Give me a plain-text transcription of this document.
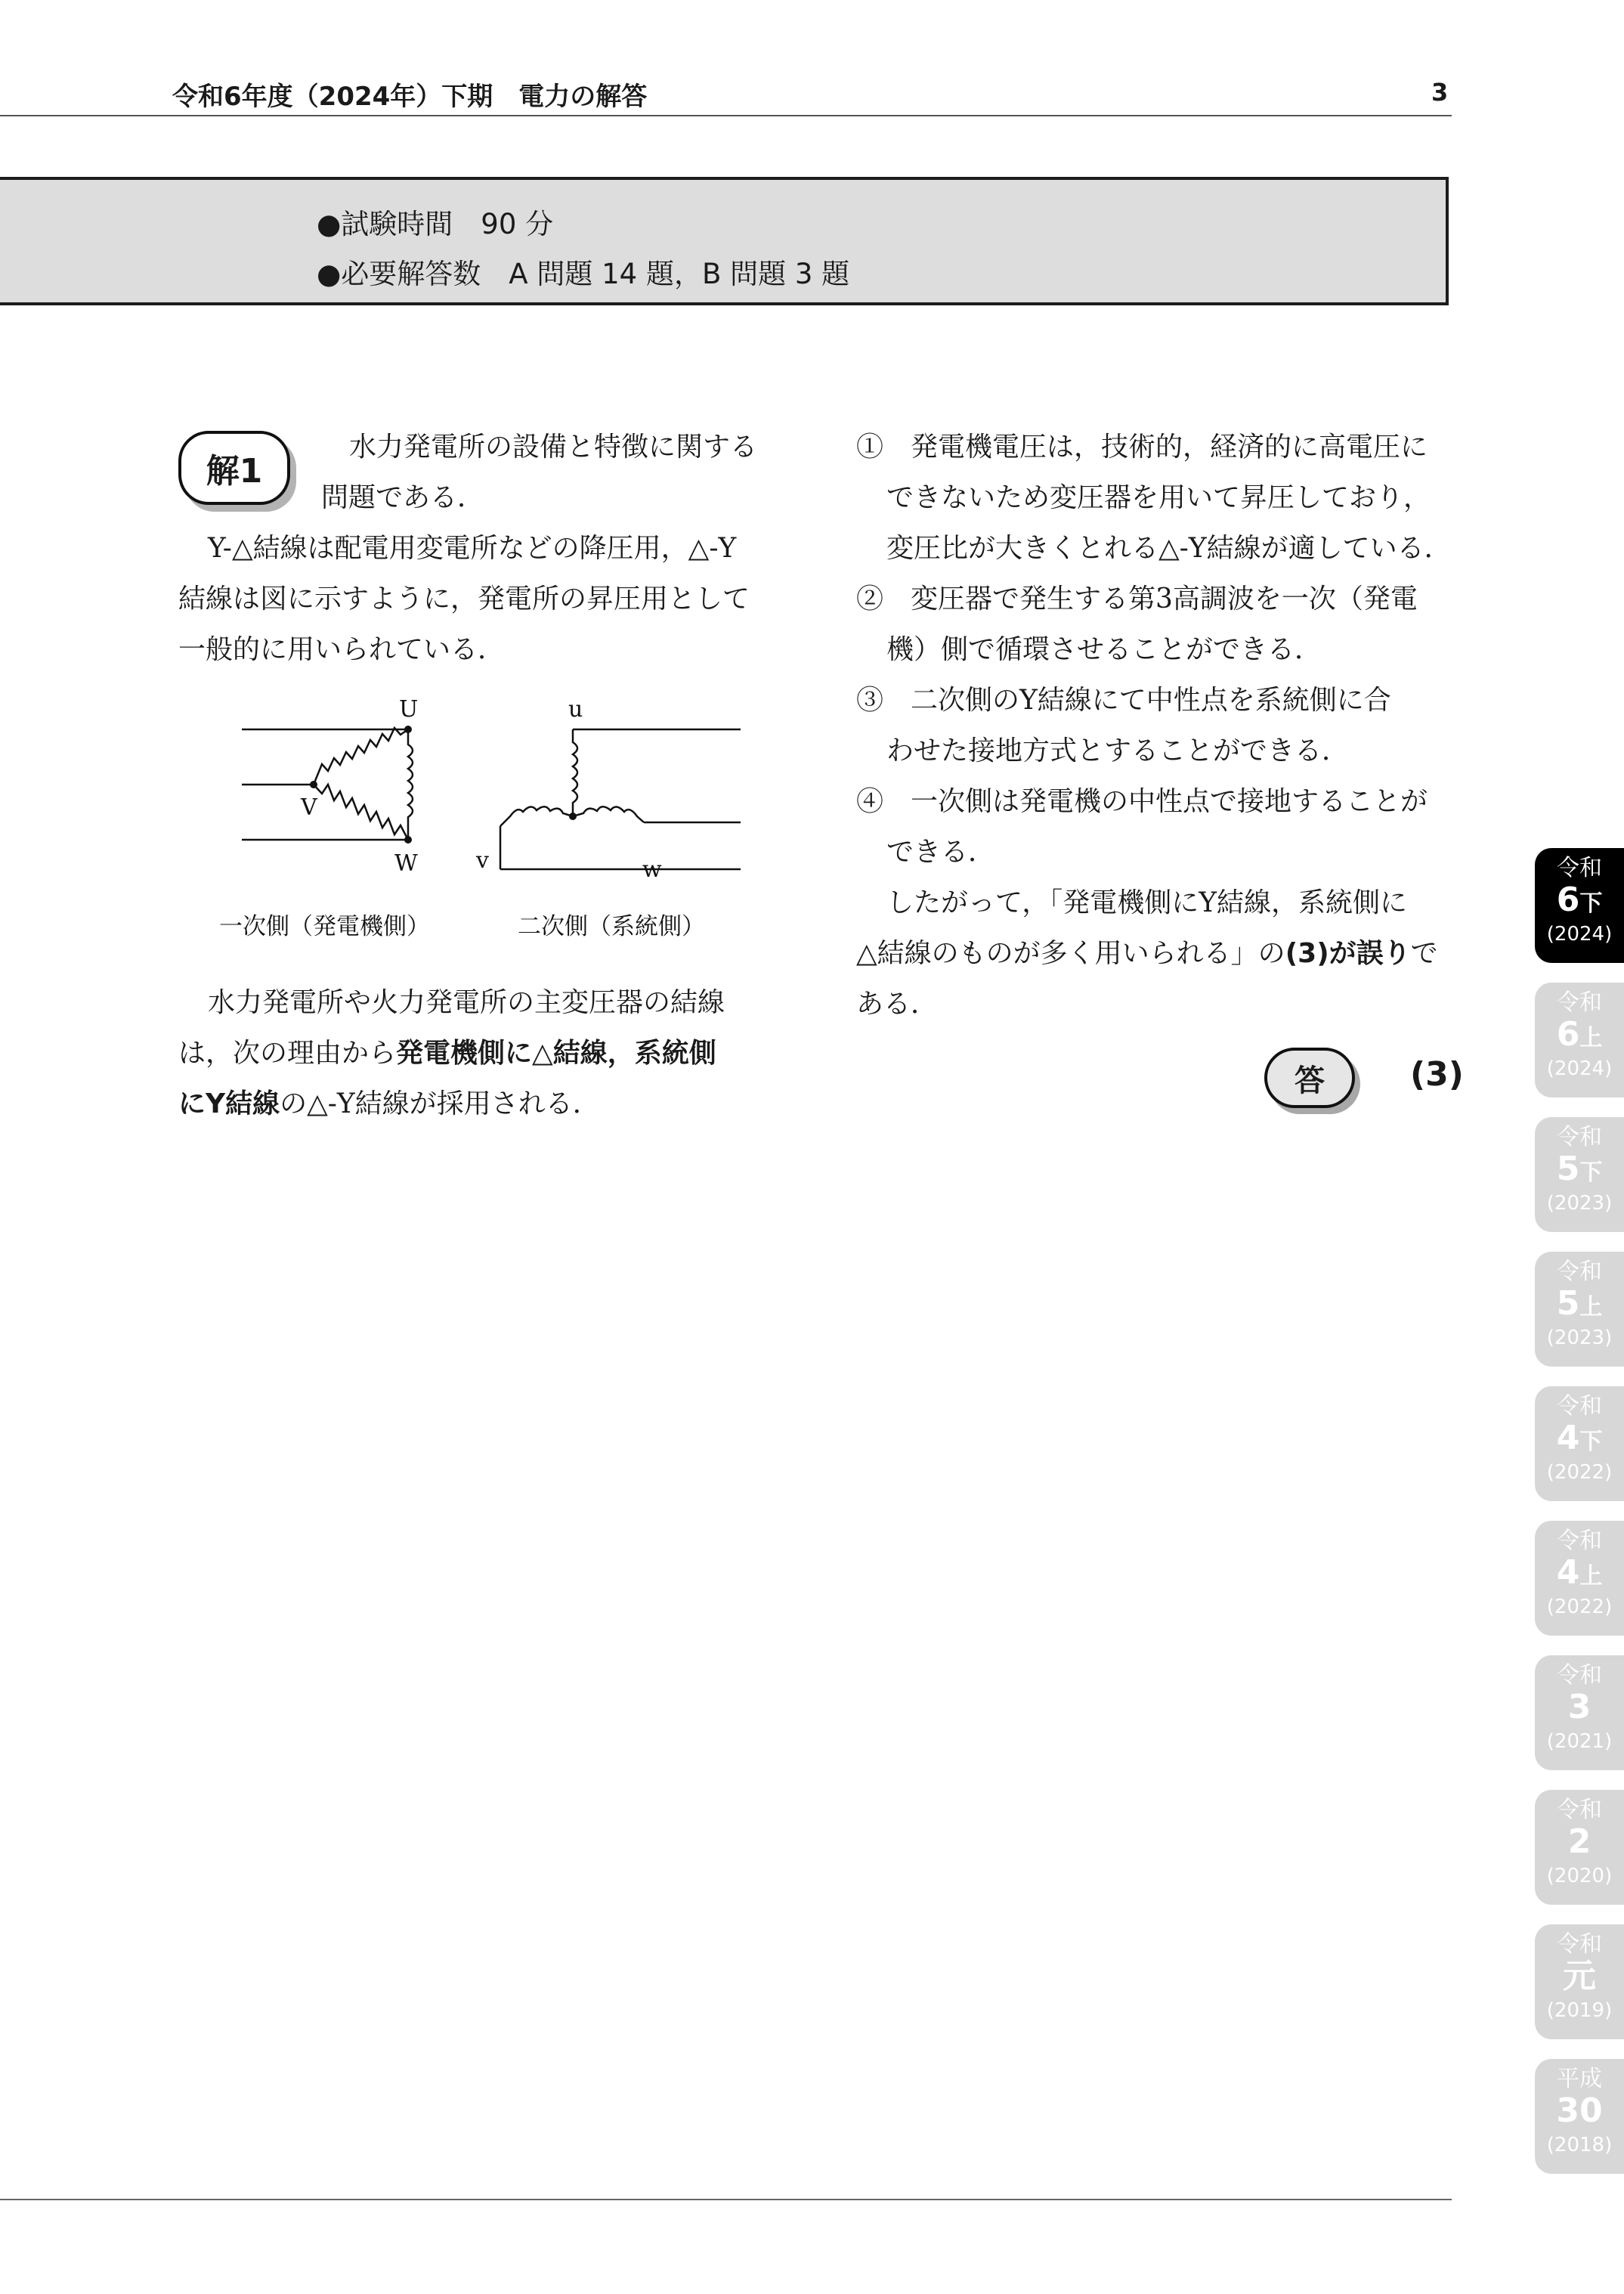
令和6年度（2024年）下期　電力の解答	3
●試験時間　90 分
●必要解答数　A 問題 14 題，B 問題 3 題
解1
水力発電所の設備と特徴に関する
問題である．
Y-△結線は配電用変電所などの降圧用，△-Y
結線は図に示すように，発電所の昇圧用として
一般的に用いられている．
U
V
W
u
v	w
一次側（発電機側）	二次側（系統側）
水力発電所や火力発電所の主変圧器の結線
は，次の理由から発電機側に△結線，系統側
にY結線の△-Y結線が採用される．
①　発電機電圧は，技術的，経済的に高電圧に
できないため変圧器を用いて昇圧しており，
変圧比が大きくとれる△-Y結線が適している．
②　変圧器で発生する第3高調波を一次（発電
機）側で循環させることができる．
③　二次側のY結線にて中性点を系統側に合
わせた接地方式とすることができる．
④　一次側は発電機の中性点で接地することが
できる．
したがって，「発電機側にY結線，系統側に
△結線のものが多く用いられる」の(3)が誤りで
ある．
答	(3)
令和
6下
(2024)
令和
6上
(2024)
令和
5下
(2023)
令和
5上
(2023)
令和
4下
(2022)
令和
4上
(2022)
令和
3
(2021)
令和
2
(2020)
令和
元
(2019)
平成
30
(2018)
